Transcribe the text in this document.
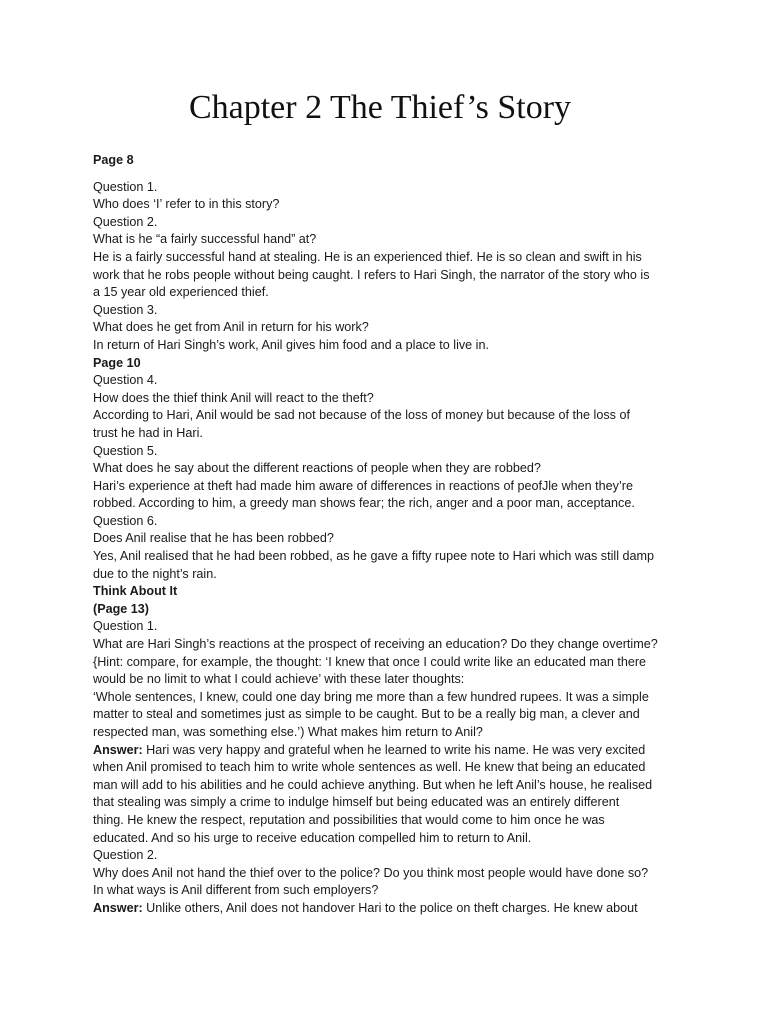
Chapter 2 The Thief’s Story
Page 8
Question 1.
Who does ‘I’ refer to in this story?
Question 2.
What is he “a fairly successful hand” at?
He is a fairly successful hand at stealing. He is an experienced thief. He is so clean and swift in his
work that he robs people without being caught. I refers to Hari Singh, the narrator of the story who is
a 15 year old experienced thief.
Question 3.
What does he get from Anil in return for his work?
In return of Hari Singh’s work, Anil gives him food and a place to live in.
Page 10
Question 4.
How does the thief think Anil will react to the theft?
According to Hari, Anil would be sad not because of the loss of money but because of the loss of
trust he had in Hari.
Question 5.
What does he say about the different reactions of people when they are robbed?
Hari’s experience at theft had made him aware of differences in reactions of peofJle when they’re
robbed. According to him, a greedy man shows fear; the rich, anger and a poor man, acceptance.
Question 6.
Does Anil realise that he has been robbed?
Yes, Anil realised that he had been robbed, as he gave a fifty rupee note to Hari which was still damp
due to the night’s rain.
Think About It
(Page 13)
Question 1.
What are Hari Singh’s reactions at the prospect of receiving an education? Do they change overtime?
{Hint: compare, for example, the thought: ‘I knew that once I could write like an educated man there
would be no limit to what I could achieve’ with these later thoughts:
‘Whole sentences, I knew, could one day bring me more than a few hundred rupees. It was a simple
matter to steal and sometimes just as simple to be caught. But to be a really big man, a clever and
respected man, was something else.’) What makes him return to Anil?
Answer: Hari was very happy and grateful when he learned to write his name. He was very excited
when Anil promised to teach him to write whole sentences as well. He knew that being an educated
man will add to his abilities and he could achieve anything. But when he left Anil’s house, he realised
that stealing was simply a crime to indulge himself but being educated was an entirely different
thing. He knew the respect, reputation and possibilities that would come to him once he was
educated. And so his urge to receive education compelled him to return to Anil.
Question 2.
Why does Anil not hand the thief over to the police? Do you think most people would have done so?
In what ways is Anil different from such employers?
Answer: Unlike others, Anil does not handover Hari to the police on theft charges. He knew about
